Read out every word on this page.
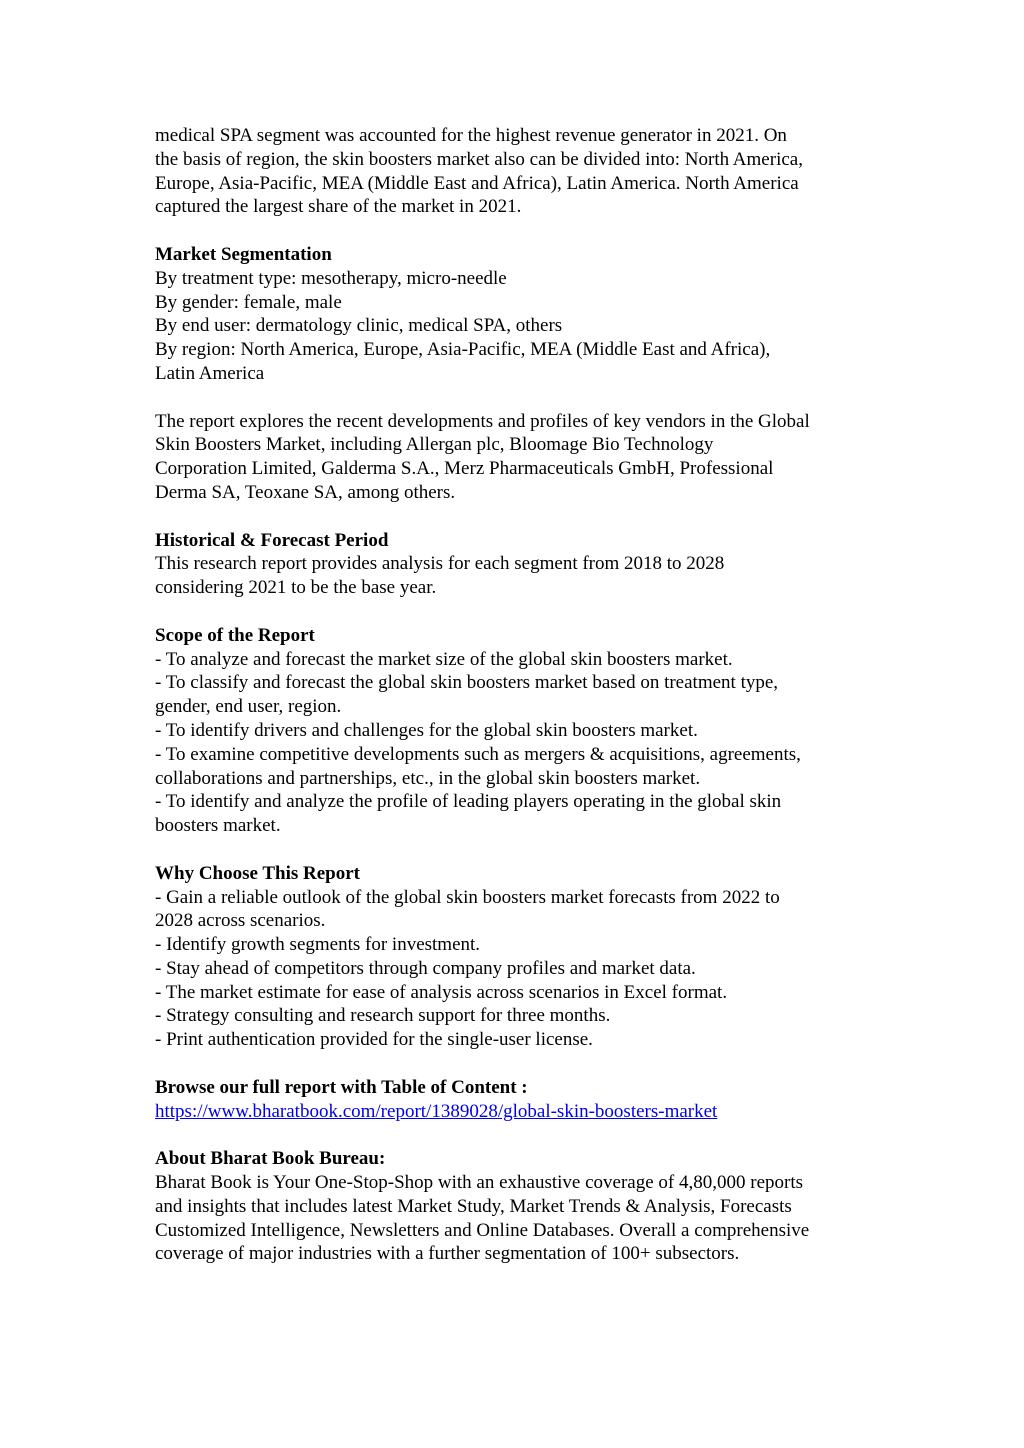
medical SPA segment was accounted for the highest revenue generator in 2021. On
the basis of region, the skin boosters market also can be divided into: North America,
Europe, Asia-Pacific, MEA (Middle East and Africa), Latin America. North America
captured the largest share of the market in 2021.
Market Segmentation
By treatment type: mesotherapy, micro-needle
By gender: female, male
By end user: dermatology clinic, medical SPA, others
By region: North America, Europe, Asia-Pacific, MEA (Middle East and Africa),
Latin America
The report explores the recent developments and profiles of key vendors in the Global
Skin Boosters Market, including Allergan plc, Bloomage Bio Technology
Corporation Limited, Galderma S.A., Merz Pharmaceuticals GmbH, Professional
Derma SA, Teoxane SA, among others.
Historical & Forecast Period
This research report provides analysis for each segment from 2018 to 2028
considering 2021 to be the base year.
Scope of the Report
- To analyze and forecast the market size of the global skin boosters market.
- To classify and forecast the global skin boosters market based on treatment type,
gender, end user, region.
- To identify drivers and challenges for the global skin boosters market.
- To examine competitive developments such as mergers & acquisitions, agreements,
collaborations and partnerships, etc., in the global skin boosters market.
- To identify and analyze the profile of leading players operating in the global skin
boosters market.
Why Choose This Report
- Gain a reliable outlook of the global skin boosters market forecasts from 2022 to
2028 across scenarios.
- Identify growth segments for investment.
- Stay ahead of competitors through company profiles and market data.
- The market estimate for ease of analysis across scenarios in Excel format.
- Strategy consulting and research support for three months.
- Print authentication provided for the single-user license.
Browse our full report with Table of Content :
https://www.bharatbook.com/report/1389028/global-skin-boosters-market
About Bharat Book Bureau:
Bharat Book is Your One-Stop-Shop with an exhaustive coverage of 4,80,000 reports
and insights that includes latest Market Study, Market Trends & Analysis, Forecasts
Customized Intelligence, Newsletters and Online Databases. Overall a comprehensive
coverage of major industries with a further segmentation of 100+ subsectors.
